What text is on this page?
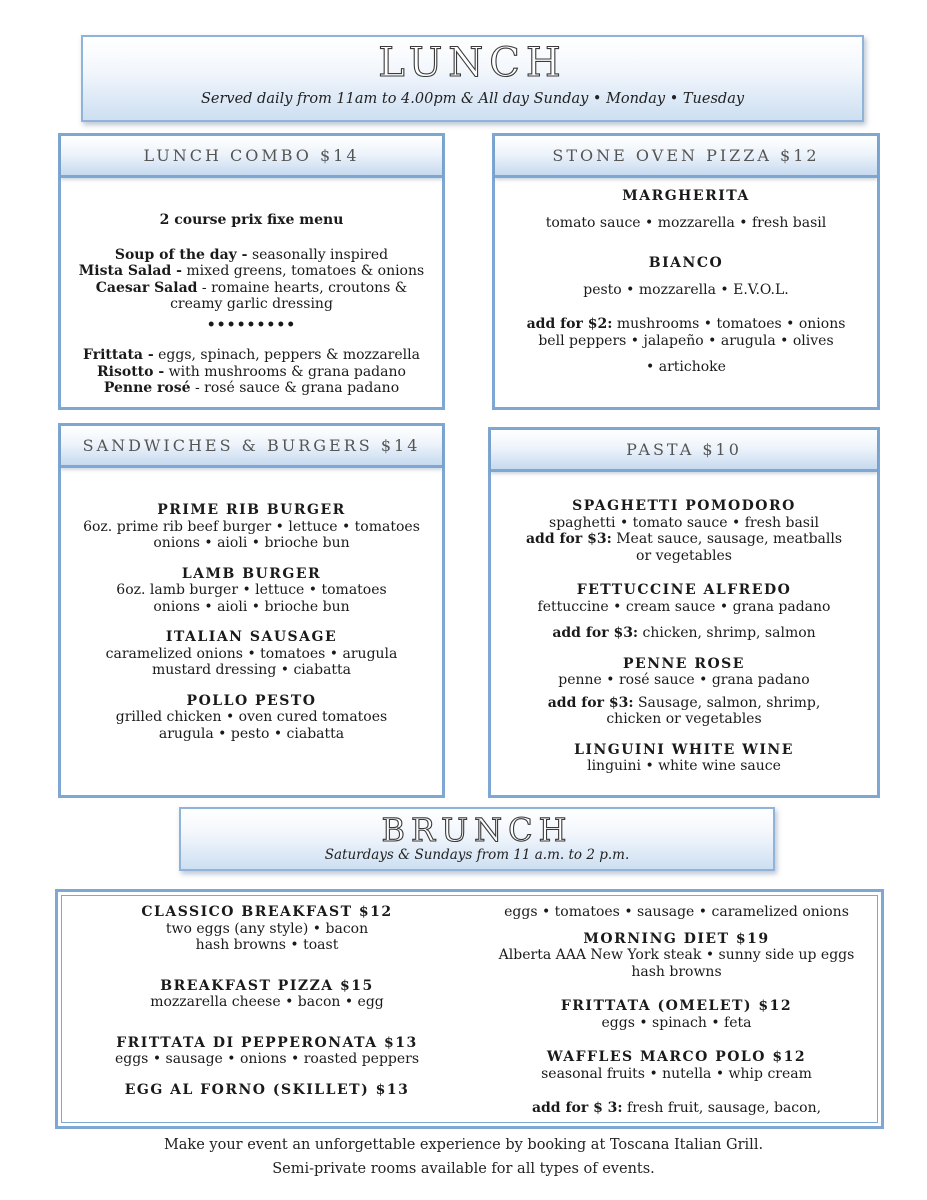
LUNCH
Served daily from 11am to 4.00pm & All day Sunday • Monday • Tuesday
LUNCH COMBO $14
2 course prix fixe menu
Soup of the day - seasonally inspired
Mista Salad - mixed greens, tomatoes & onions
Caesar Salad - romaine hearts, croutons & creamy garlic dressing
•••••••••
Frittata - eggs, spinach, peppers & mozzarella
Risotto - with mushrooms & grana padano
Penne rosé - rosé sauce & grana padano
STONE OVEN PIZZA $12
MARGHERITA
tomato sauce • mozzarella • fresh basil
BIANCO
pesto • mozzarella • E.V.O.L.
add for $2: mushrooms • tomatoes • onions
bell peppers • jalapeño • arugula • olives
• artichoke
SANDWICHES & BURGERS $14
PRIME RIB BURGER
6oz. prime rib beef burger • lettuce • tomatoes
onions • aioli • brioche bun
LAMB BURGER
6oz. lamb burger • lettuce • tomatoes
onions • aioli • brioche bun
ITALIAN SAUSAGE
caramelized onions • tomatoes • arugula
mustard dressing • ciabatta
POLLO PESTO
grilled chicken • oven cured tomatoes
arugula • pesto • ciabatta
PASTA $10
SPAGHETTI POMODORO
spaghetti • tomato sauce • fresh basil
add for $3: Meat sauce, sausage, meatballs
or vegetables
FETTUCCINE ALFREDO
fettuccine • cream sauce • grana padano
add for $3: chicken, shrimp, salmon
PENNE ROSE
penne • rosé sauce • grana padano
add for $3: Sausage, salmon, shrimp,
chicken or vegetables
LINGUINI WHITE WINE
linguini • white wine sauce
BRUNCH
Saturdays & Sundays from 11 a.m. to 2 p.m.
CLASSICO BREAKFAST $12
two eggs (any style) • bacon
hash browns • toast
BREAKFAST PIZZA $15
mozzarella cheese • bacon • egg
FRITTATA DI PEPPERONATA $13
eggs • sausage • onions • roasted peppers
EGG AL FORNO (SKILLET) $13
eggs • tomatoes • sausage • caramelized onions
MORNING DIET $19
Alberta AAA New York steak • sunny side up eggs
hash browns
FRITTATA (OMELET) $12
eggs • spinach • feta
WAFFLES MARCO POLO $12
seasonal fruits • nutella • whip cream
add for $ 3: fresh fruit, sausage, bacon,
Make your event an unforgettable experience by booking at Toscana Italian Grill.
Semi-private rooms available for all types of events.
